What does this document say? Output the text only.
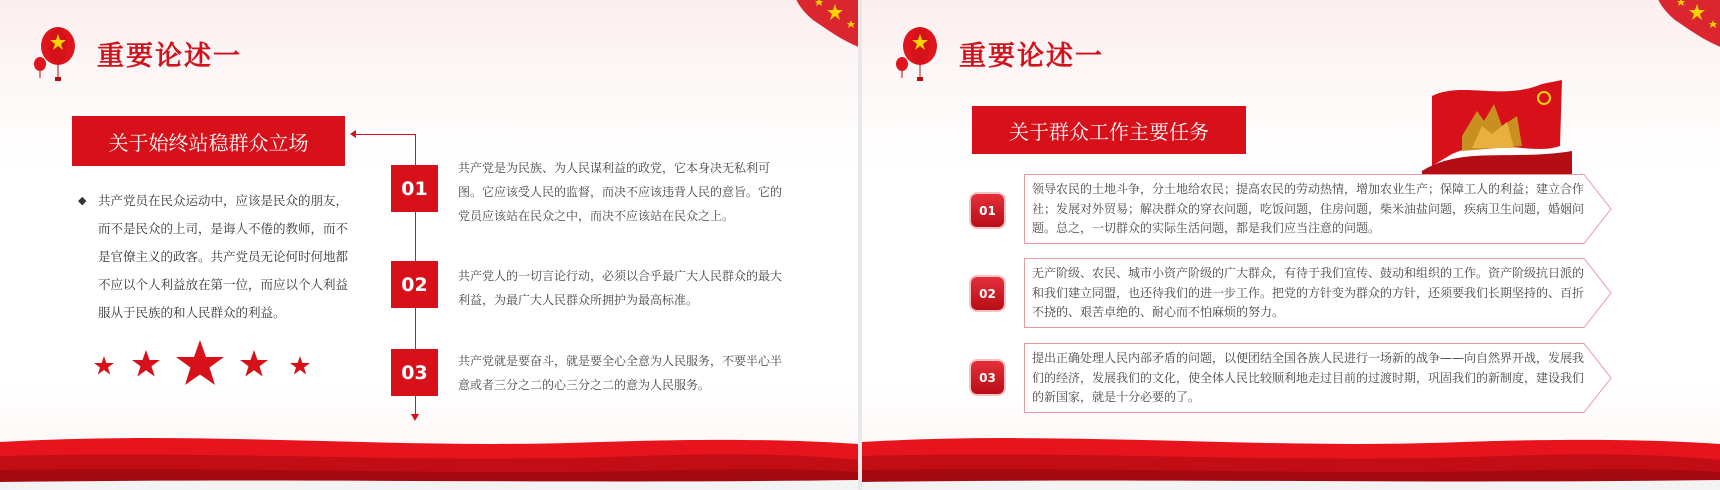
重要论述一
关于始终站稳群众立场
◆ 共产党员在民众运动中，应该是民众的朋友，而不是民众的上司，是诲人不倦的教师，而不是官僚主义的政客。共产党员无论何时何地都不应以个人利益放在第一位，而应以个人利益服从于民族的和人民群众的利益。
01
共产党是为民族、为人民谋利益的政党，它本身决无私利可图。它应该受人民的监督，而决不应该违背人民的意旨。它的党员应该站在民众之中，而决不应该站在民众之上。
02	共产党人的一切言论行动，必须以合乎最广大人民群众的最大利益，为最广大人民群众所拥护为最高标准。
03
共产党就是要奋斗，就是要全心全意为人民服务，不要半心半意或者三分之二的心三分之二的意为人民服务。
重要论述一
关于群众工作主要任务
01
领导农民的土地斗争，分土地给农民；提高农民的劳动热情，增加农业生产；保障工人的利益；建立合作社；发展对外贸易；解决群众的穿衣问题，吃饭问题，住房问题，柴米油盐问题，疾病卫生问题，婚姻问题。总之，一切群众的实际生活问题，都是我们应当注意的问题。
02
无产阶级、农民、城市小资产阶级的广大群众，有待于我们宣传、鼓动和组织的工作。资产阶级抗日派的和我们建立同盟，也还待我们的进一步工作。把党的方针变为群众的方针，还须要我们长期坚持的、百折不挠的、艰苦卓绝的、耐心而不怕麻烦的努力。
03
提出正确处理人民内部矛盾的问题，以便团结全国各族人民进行一场新的战争——向自然界开战，发展我们的经济，发展我们的文化，使全体人民比较顺利地走过目前的过渡时期，巩固我们的新制度，建设我们的新国家，就是十分必要的了。
